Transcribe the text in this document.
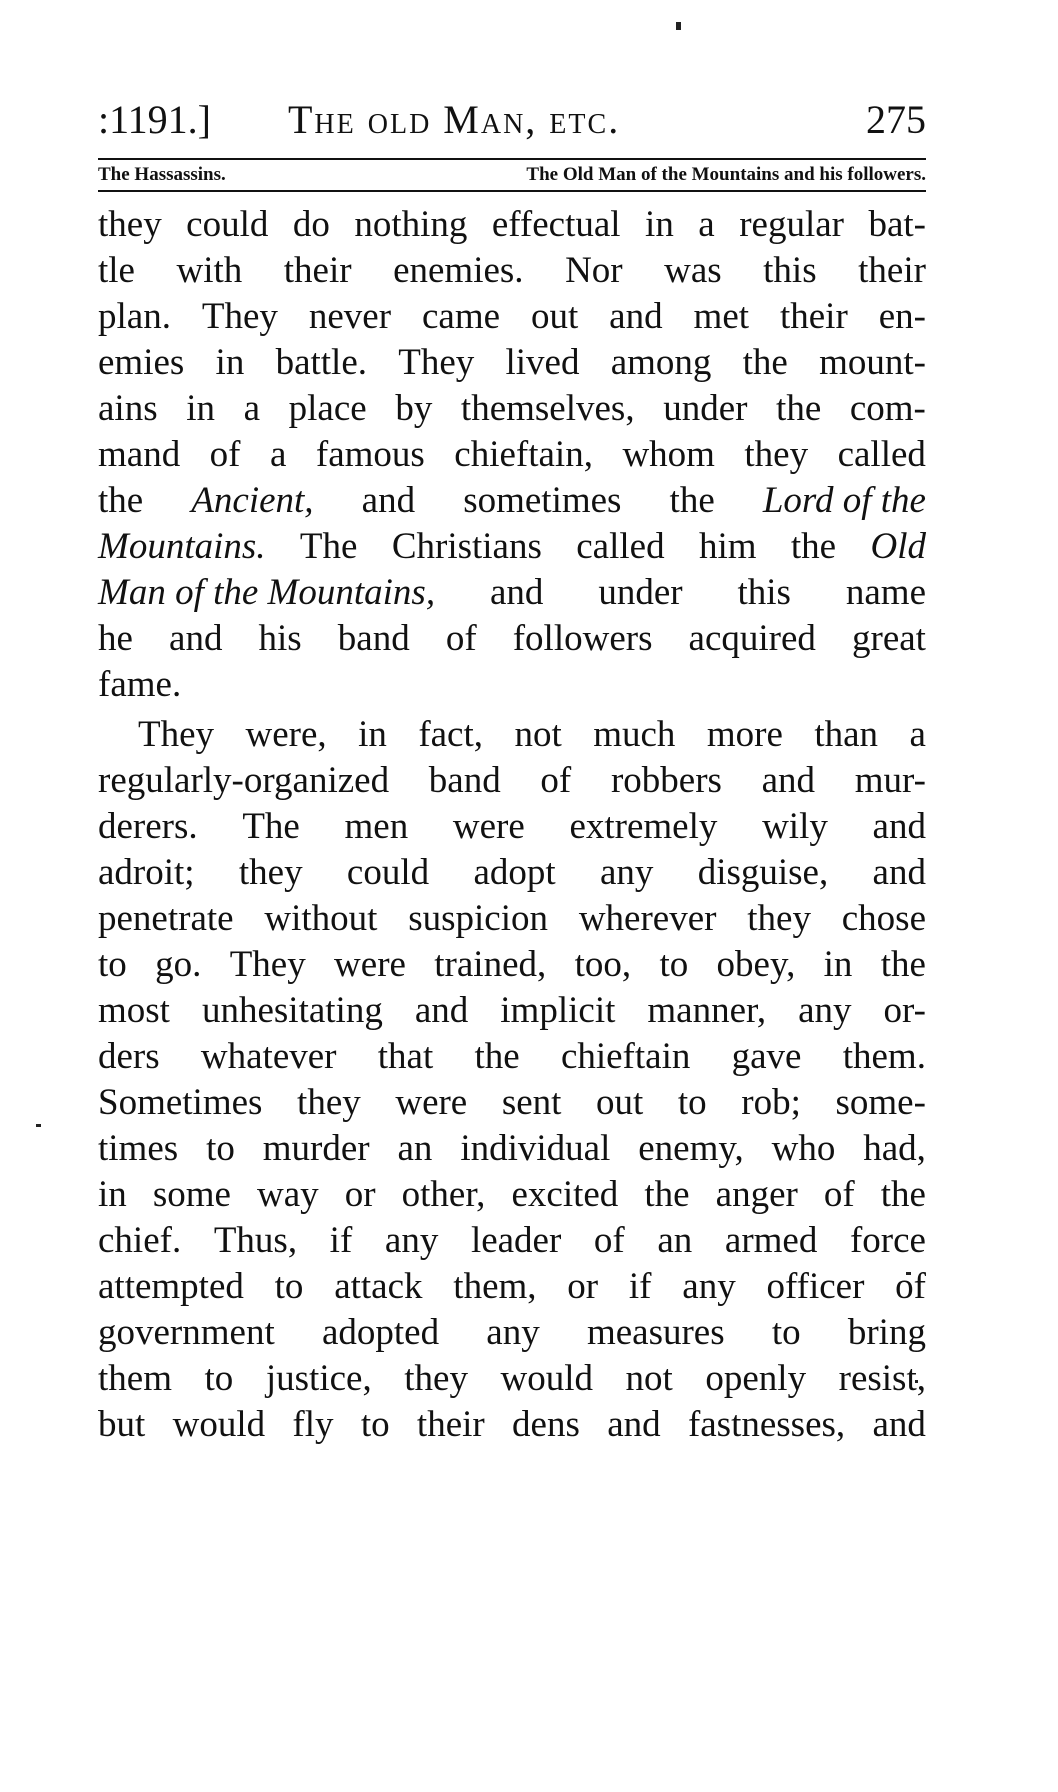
:1191.] The old Man, etc.	275
The Hassassins.	The Old Man of the Mountains and his followers.
they could do nothing effectual in a regular bat-
tle with their enemies. Nor was this their
plan. They never came out and met their en-
emies in battle. They lived among the mount-
ains in a place by themselves, under the com-
mand of a famous chieftain, whom they called
the Ancient, and sometimes the Lord of the
Mountains. The Christians called him the Old
Man of the Mountains, and under this name
he and his band of followers acquired great
fame.
They were, in fact, not much more than a
regularly-organized band of robbers and mur-
derers. The men were extremely wily and
adroit; they could adopt any disguise, and
penetrate without suspicion wherever they chose
to go. They were trained, too, to obey, in the
most unhesitating and implicit manner, any or-
ders whatever that the chieftain gave them.
Sometimes they were sent out to rob; some-
times to murder an individual enemy, who had,
in some way or other, excited the anger of the
chief. Thus, if any leader of an armed force
attempted to attack them, or if any officer of
government adopted any measures to bring
them to justice, they would not openly resist,
but would fly to their dens and fastnesses, and
